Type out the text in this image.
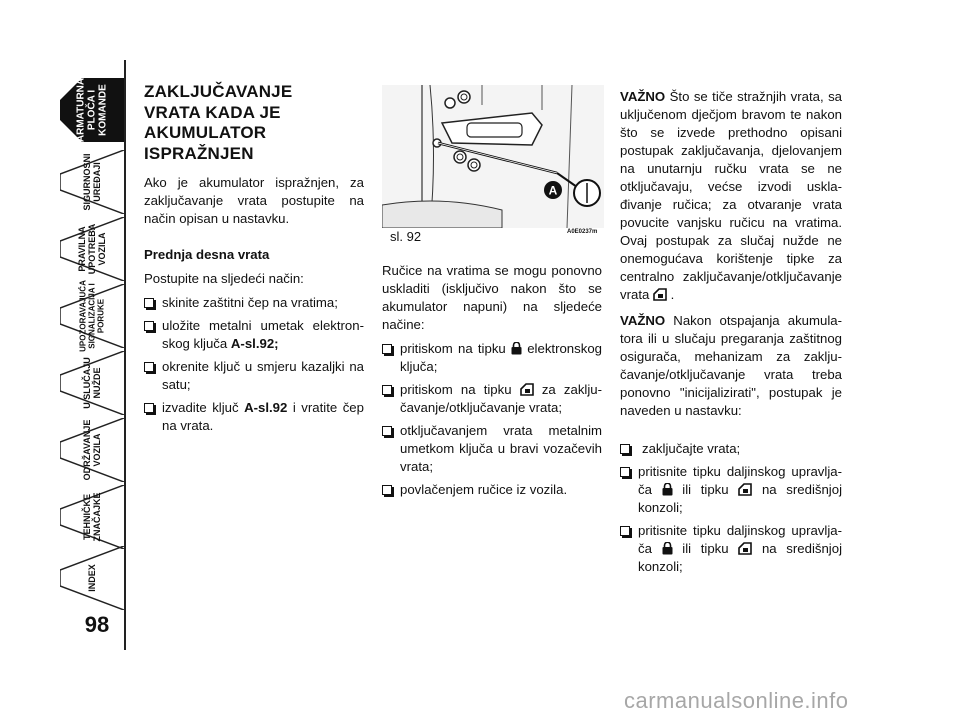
ARMATURNA
PLOČA I
KOMANDE
SIGURNOSNI
UREĐAJI
PRAVILNA
UPOTREBA
VOZILA
UPOZORAVAJUĆA
SIGNALIZACIJA I
PORUKE
U SLUČAJU
NUŽDE
ODRŽAVANJE
VOZILA
TEHNIČKE
ZNAČAJKE
INDEX
98
ZAKLJUČAVANJE VRATA KADA JE AKUMULATOR ISPRAŽNJEN

Ako je akumulator ispražnjen, za zaključavanje vrata postupite na način opisan u nastavku.

Prednja desna vrata

Postupite na sljedeći način:

skinite zaštitni čep na vratima;
uložite metalni umetak elektron-skog ključa A-sl.92;
okrenite ključ u smjeru kazaljki na satu;
izvadite ključ A-sl.92 i vratite čep na vrata.
A
sl. 92	A0E0237m

Ručice na vratima se mogu ponovno uskladiti (isključivo nakon što se akumulator napuni) na sljedeće načine:

pritiskom na tipku elektronskog ključa;
pritiskom na tipku za zaklju-čavanje/otključavanje vrata;
otključavanjem vrata metalnim umetkom ključa u bravi vozačevih vrata;
povlačenjem ručice iz vozila.

VAŽNO Što se tiče stražnjih vrata, sa uključenom dječjom bravom te nakon što se izvede prethodno opisani postupak zaključavanja, djelovanjem na unutarnju ručku vrata se ne otključavaju, većse izvodi uskla-đivanje ručica; za otvaranje vrata povucite vanjsku ručicu na vratima. Ovaj postupak za slučaj nužde ne onemogućava korištenje tipke za centralno zaključavanje/otključavanje vrata  .

VAŽNO Nakon otspajanja akumula-tora ili u slučaju pregaranja zaštitnog osigurača, mehanizam za zaklju-čavanje/otključavanje vrata treba ponovno "inicijalizirati", postupak je naveden u nastavku:

zaključajte vrata;
pritisnite tipku daljinskog upravlja-ča  ili tipku  na središnjoj konzoli;
pritisnite tipku daljinskog upravlja-ča  ili tipku  na središnjoj konzoli;
carmanualsonline.info
